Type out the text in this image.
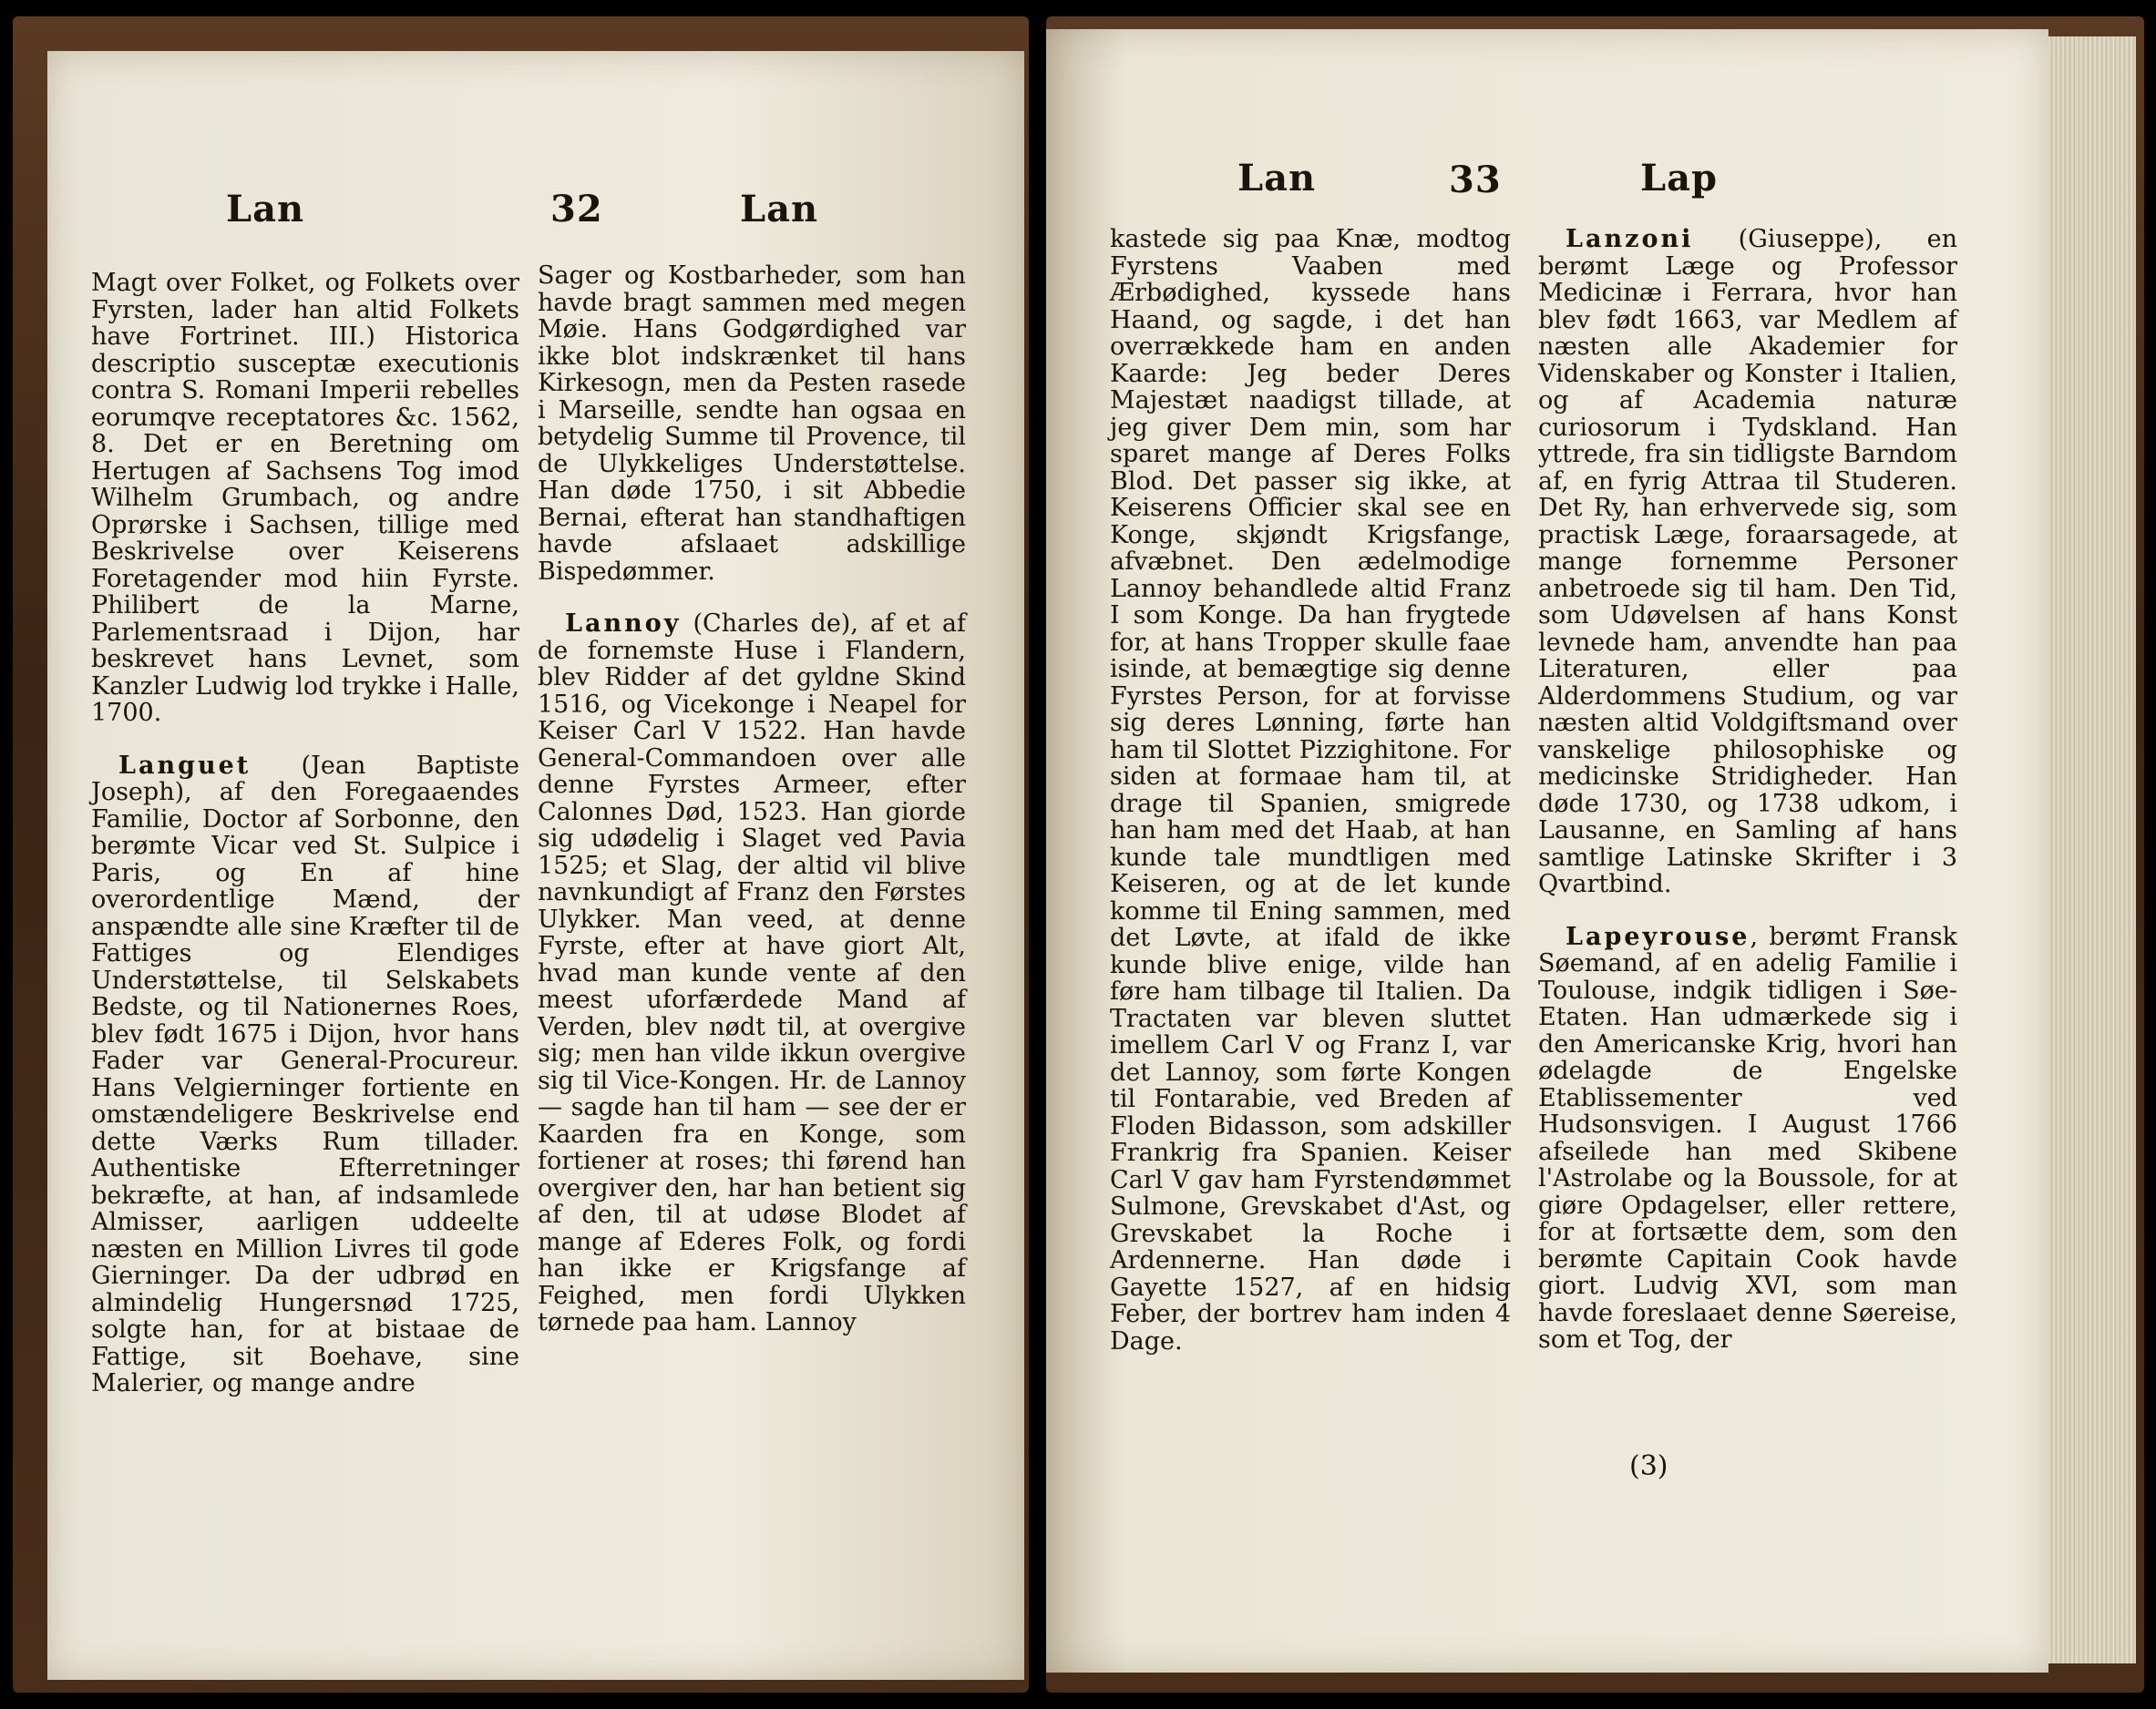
Lan	32	Lan

Magt over Folket, og Folkets over Fyrsten, lader han altid Folkets have Fortrinet. III.) Historica descriptio susceptæ executionis contra S. Romani Imperii rebelles eorumqve receptatores &c. 1562, 8. Det er en Beretning om Hertugen af Sachsens Tog imod Wilhelm Grumbach, og andre Oprørske i Sachsen, tillige med Beskrivelse over Keiserens Foretagender mod hiin Fyrste. Philibert de la Marne, Parlementsraad i Dijon, har beskrevet hans Levnet, som Kanzler Ludwig lod trykke i Halle, 1700.

Languet (Jean Baptiste Joseph), af den Foregaaendes Familie, Doctor af Sorbonne, den berømte Vicar ved St. Sulpice i Paris, og En af hine overordentlige Mænd, der anspændte alle sine Kræfter til de Fattiges og Elendiges Understøttelse, til Selskabets Bedste, og til Nationernes Roes, blev født 1675 i Dijon, hvor hans Fader var General-Procureur. Hans Velgierninger fortiente en omstændeligere Beskrivelse end dette Værks Rum tillader. Authentiske Efterretninger bekræfte, at han, af indsamlede Almisser, aarligen uddeelte næsten en Million Livres til gode Gierninger. Da der udbrød en almindelig Hungersnød 1725, solgte han, for at bistaae de Fattige, sit Boehave, sine Malerier, og mange andre

Sager og Kostbarheder, som han havde bragt sammen med megen Møie. Hans Godgørdighed var ikke blot indskrænket til hans Kirkesogn, men da Pesten rasede i Marseille, sendte han ogsaa en betydelig Summe til Provence, til de Ulykkeliges Understøttelse. Han døde 1750, i sit Abbedie Bernai, efterat han standhaftigen havde afslaaet adskillige Bispedømmer.

Lannoy (Charles de), af et af de fornemste Huse i Flandern, blev Ridder af det gyldne Skind 1516, og Vicekonge i Neapel for Keiser Carl V 1522. Han havde General-Commandoen over alle denne Fyrstes Armeer, efter Calonnes Død, 1523. Han giorde sig udødelig i Slaget ved Pavia 1525; et Slag, der altid vil blive navnkundigt af Franz den Førstes Ulykker. Man veed, at denne Fyrste, efter at have giort Alt, hvad man kunde vente af den meest uforfærdede Mand af Verden, blev nødt til, at overgive sig; men han vilde ikkun overgive sig til Vice-Kongen. Hr. de Lannoy — sagde han til ham — see der er Kaarden fra en Konge, som fortiener at roses; thi førend han overgiver den, har han betient sig af den, til at udøse Blodet af mange af Ederes Folk, og fordi han ikke er Krigsfange af Feighed, men fordi Ulykken tørnede paa ham. Lannoy

Lan	33	Lap

kastede sig paa Knæ, modtog Fyrstens Vaaben med Ærbødighed, kyssede hans Haand, og sagde, i det han overrækkede ham en anden Kaarde: Jeg beder Deres Majestæt naadigst tillade, at jeg giver Dem min, som har sparet mange af Deres Folks Blod. Det passer sig ikke, at Keiserens Officier skal see en Konge, skjøndt Krigsfange, afvæbnet. Den ædelmodige Lannoy behandlede altid Franz I som Konge. Da han frygtede for, at hans Tropper skulle faae isinde, at bemægtige sig denne Fyrstes Person, for at forvisse sig deres Lønning, førte han ham til Slottet Pizzighitone. For siden at formaae ham til, at drage til Spanien, smigrede han ham med det Haab, at han kunde tale mundtligen med Keiseren, og at de let kunde komme til Ening sammen, med det Løvte, at ifald de ikke kunde blive enige, vilde han føre ham tilbage til Italien. Da Tractaten var bleven sluttet imellem Carl V og Franz I, var det Lannoy, som førte Kongen til Fontarabie, ved Breden af Floden Bidasson, som adskiller Frankrig fra Spanien. Keiser Carl V gav ham Fyrstendømmet Sulmone, Grevskabet d'Ast, og Grevskabet la Roche i Ardennerne. Han døde i Gayette 1527, af en hidsig Feber, der bortrev ham inden 4 Dage.

Lanzoni (Giuseppe), en berømt Læge og Professor Medicinæ i Ferrara, hvor han blev født 1663, var Medlem af næsten alle Akademier for Videnskaber og Konster i Italien, og af Academia naturæ curiosorum i Tydskland. Han yttrede, fra sin tidligste Barndom af, en fyrig Attraa til Studeren. Det Ry, han erhvervede sig, som practisk Læge, foraarsagede, at mange fornemme Personer anbetroede sig til ham. Den Tid, som Udøvelsen af hans Konst levnede ham, anvendte han paa Literaturen, eller paa Alderdommens Studium, og var næsten altid Voldgiftsmand over vanskelige philosophiske og medicinske Stridigheder. Han døde 1730, og 1738 udkom, i Lausanne, en Samling af hans samtlige Latinske Skrifter i 3 Qvartbind.

Lapeyrouse, berømt Fransk Søemand, af en adelig Familie i Toulouse, indgik tidligen i Søe-Etaten. Han udmærkede sig i den Americanske Krig, hvori han ødelagde de Engelske Etablissementer ved Hudsonsvigen. I August 1766 afseilede han med Skibene l'Astrolabe og la Boussole, for at giøre Opdagelser, eller rettere, for at fortsætte dem, som den berømte Capitain Cook havde giort. Ludvig XVI, som man havde foreslaaet denne Søereise, som et Tog, der

(3)
